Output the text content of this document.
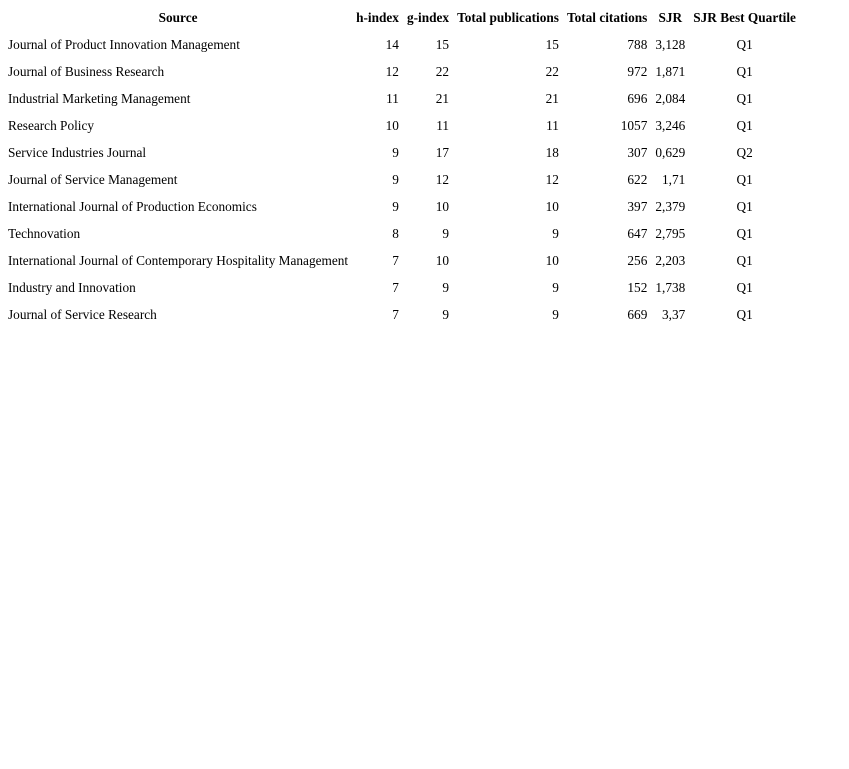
Source	h-index	g-index	Total publications	Total citations	SJR	SJR Best Quartile
Journal of Product Innovation Management	14	15	15	788	3,128	Q1
Journal of Business Research	12	22	22	972	1,871	Q1
Industrial Marketing Management	11	21	21	696	2,084	Q1
Research Policy	10	11	11	1057	3,246	Q1
Service Industries Journal	9	17	18	307	0,629	Q2
Journal of Service Management	9	12	12	622	1,71	Q1
International Journal of Production Economics	9	10	10	397	2,379	Q1
Technovation	8	9	9	647	2,795	Q1
International Journal of Contemporary Hospitality Management	7	10	10	256	2,203	Q1
Industry and Innovation	7	9	9	152	1,738	Q1
Journal of Service Research	7	9	9	669	3,37	Q1
